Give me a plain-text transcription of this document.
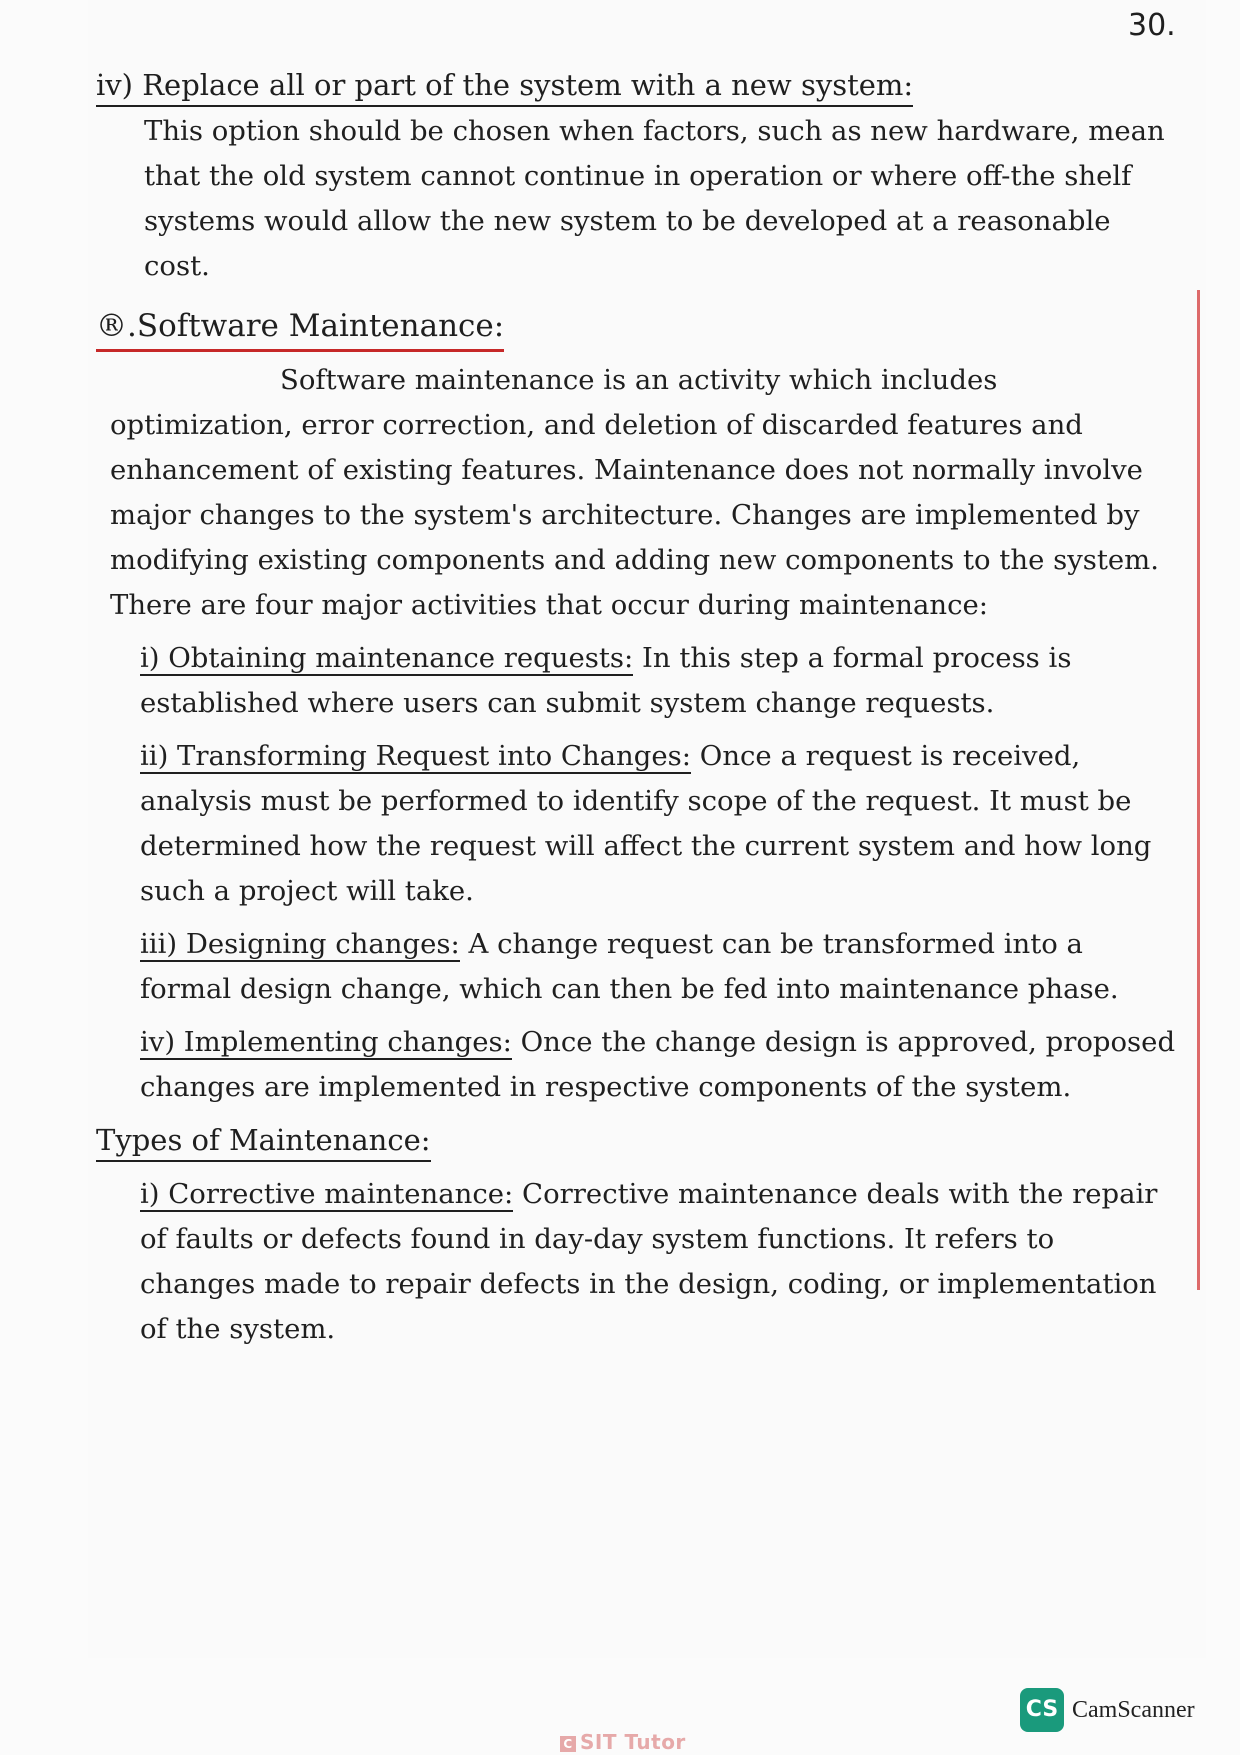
30.
iv) Replace all or part of the system with a new system:

This option should be chosen when factors, such as new hardware, mean that the old system cannot continue in operation or where off-the shelf systems would allow the new system to be developed at a reasonable cost.

®.Software Maintenance:

Software maintenance is an activity which includes optimization, error correction, and deletion of discarded features and enhancement of existing features. Maintenance does not normally involve major changes to the system's architecture. Changes are implemented by modifying existing components and adding new components to the system. There are four major activities that occur during maintenance:

i) Obtaining maintenance requests: In this step a formal process is established where users can submit system change requests.

ii) Transforming Request into Changes: Once a request is received, analysis must be performed to identify scope of the request. It must be determined how the request will affect the current system and how long such a project will take.

iii) Designing changes: A change request can be transformed into a formal design change, which can then be fed into maintenance phase.

iv) Implementing changes: Once the change design is approved, proposed changes are implemented in respective components of the system.

Types of Maintenance:

i) Corrective maintenance: Corrective maintenance deals with the repair of faults or defects found in day-day system functions. It refers to changes made to repair defects in the design, coding, or implementation of the system.

C SIT Tutor
CS CamScanner
